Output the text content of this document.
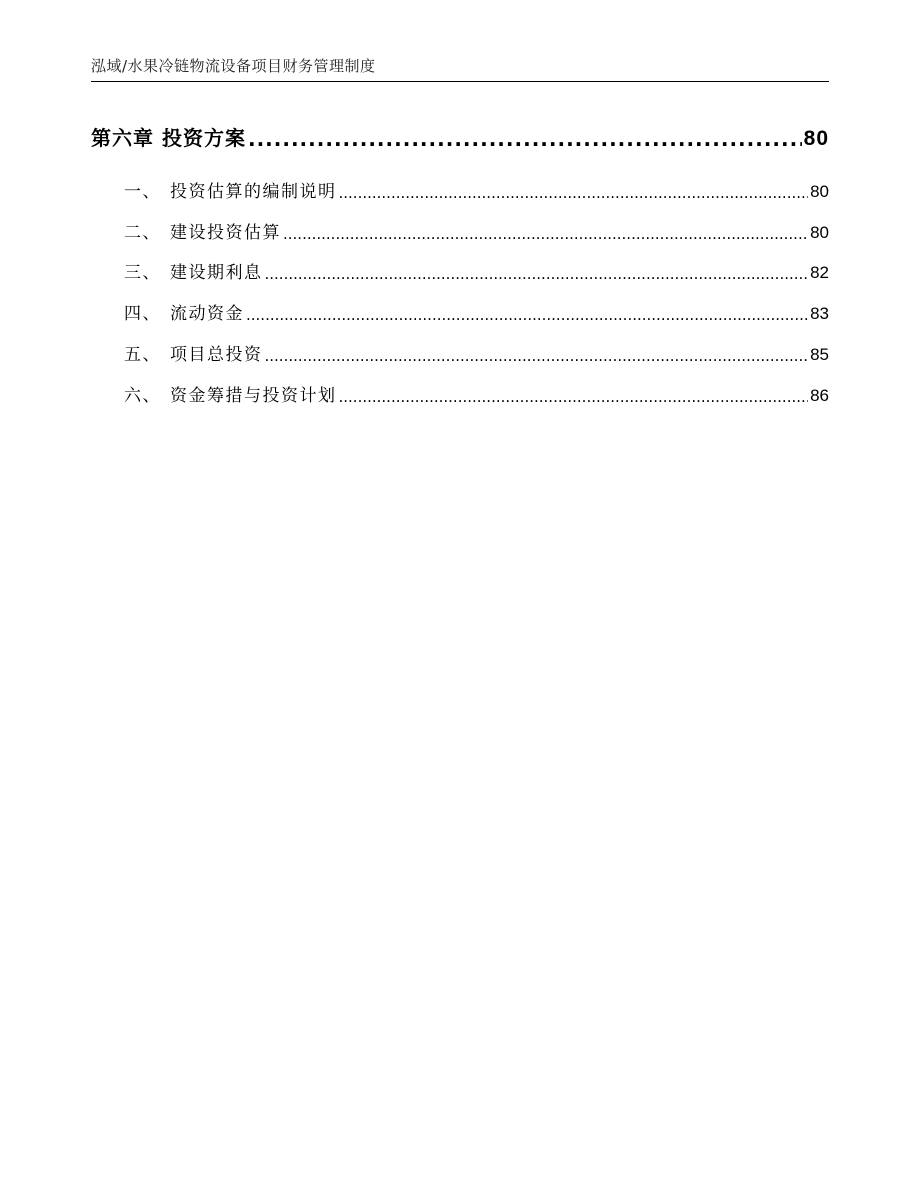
泓域/水果冷链物流设备项目财务管理制度
第六章 投资方案 .....	80
一、 投资估算的编制说明 .....	80
二、 建设投资估算 .....	80
三、 建设期利息 .....	82
四、 流动资金 .....	83
五、 项目总投资 .....	85
六、 资金筹措与投资计划 .....	86
